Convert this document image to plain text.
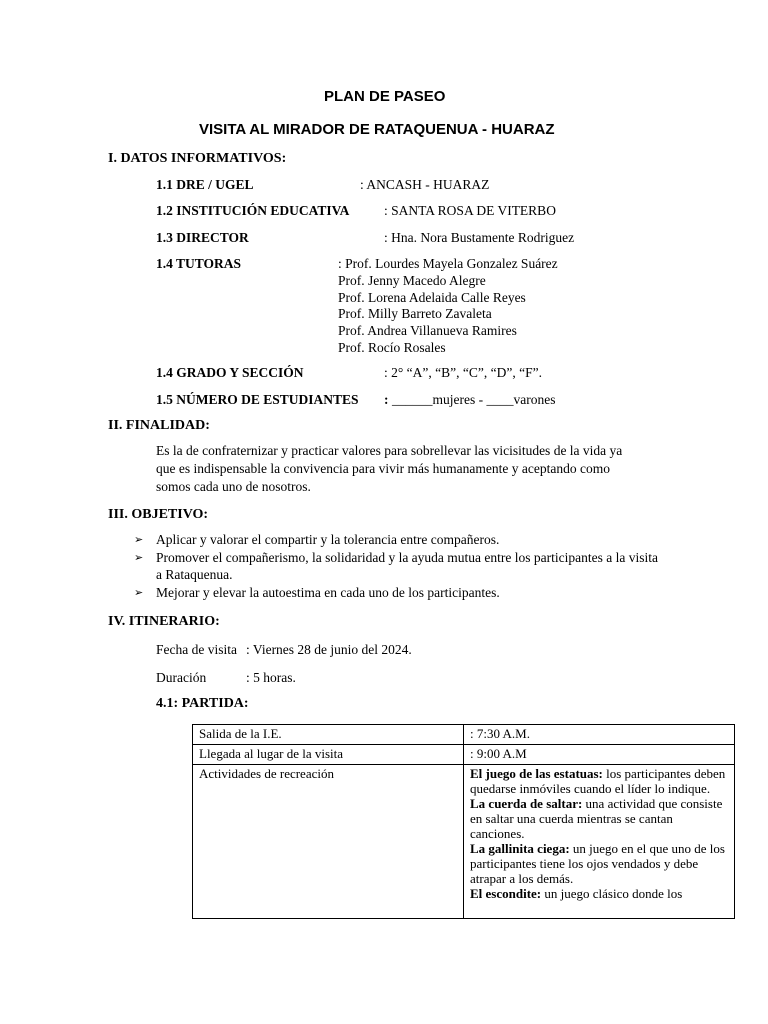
PLAN DE PASEO
VISITA AL MIRADOR DE RATAQUENUA - HUARAZ
I. DATOS INFORMATIVOS:
1.1 DRE / UGEL	: ANCASH - HUARAZ
1.2 INSTITUCIÓN EDUCATIVA	: SANTA ROSA DE VITERBO
1.3 DIRECTOR	: Hna. Nora Bustamente Rodriguez
1.4 TUTORAS	: Prof. Lourdes Mayela Gonzalez Suárez
Prof. Jenny Macedo Alegre
Prof. Lorena Adelaida Calle Reyes
Prof. Milly Barreto Zavaleta
Prof. Andrea Villanueva Ramires
Prof. Rocío Rosales
1.4 GRADO Y SECCIÓN	: 2° “A”, “B”, “C”, “D”, “F”.
1.5 NÚMERO DE ESTUDIANTES : ______mujeres - ____varones
II. FINALIDAD:
Es la de confraternizar y practicar valores para sobrellevar las vicisitudes de la vida ya
que es indispensable la convivencia para vivir más humanamente y aceptando como
somos cada uno de nosotros.
III. OBJETIVO:
➢ Aplicar y valorar el compartir y la tolerancia entre compañeros.
➢ Promover el compañerismo, la solidaridad y la ayuda mutua entre los participantes a la visita a Rataquenua.
➢ Mejorar y elevar la autoestima en cada uno de los participantes.
IV. ITINERARIO:
Fecha de visita : Viernes 28 de junio del 2024.
Duración	: 5 horas.
4.1: PARTIDA:
Salida de la I.E.	: 7:30 A.M.
Llegada al lugar de la visita	: 9:00 A.M
Actividades de recreación	El juego de las estatuas: los participantes deben quedarse inmóviles cuando el líder lo indique.
La cuerda de saltar: una actividad que consiste en saltar una cuerda mientras se cantan canciones.
La gallinita ciega: un juego en el que uno de los participantes tiene los ojos vendados y debe atrapar a los demás.
El escondite: un juego clásico donde los
